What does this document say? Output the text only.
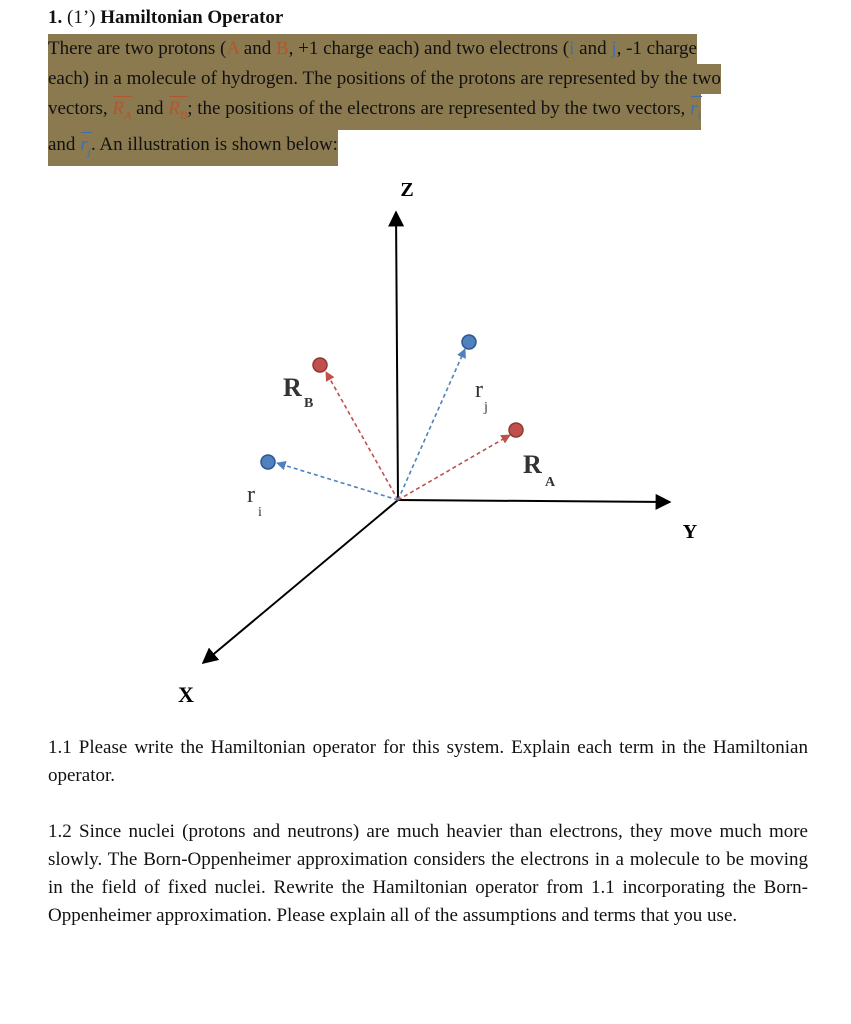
1. (1’) Hamiltonian Operator
There are two protons (A and B, +1 charge each) and two electrons (i and j, -1 charge
each) in a molecule of hydrogen. The positions of the protons are represented by the two
vectors, $R_A$ and $R_B$; the positions of the electrons are represented by the two vectors, $r_i$
and $r_j$. An illustration is shown below:
Z
Y
X
R
B
R
A
r
i
r
j
1.1 Please write the Hamiltonian operator for this system. Explain each term in the Hamiltonian operator.
1.2 Since nuclei (protons and neutrons) are much heavier than electrons, they move much more slowly. The Born-Oppenheimer approximation considers the electrons in a molecule to be moving in the field of fixed nuclei. Rewrite the Hamiltonian operator from 1.1 incorporating the Born-Oppenheimer approximation. Please explain all of the assumptions and terms that you use.
